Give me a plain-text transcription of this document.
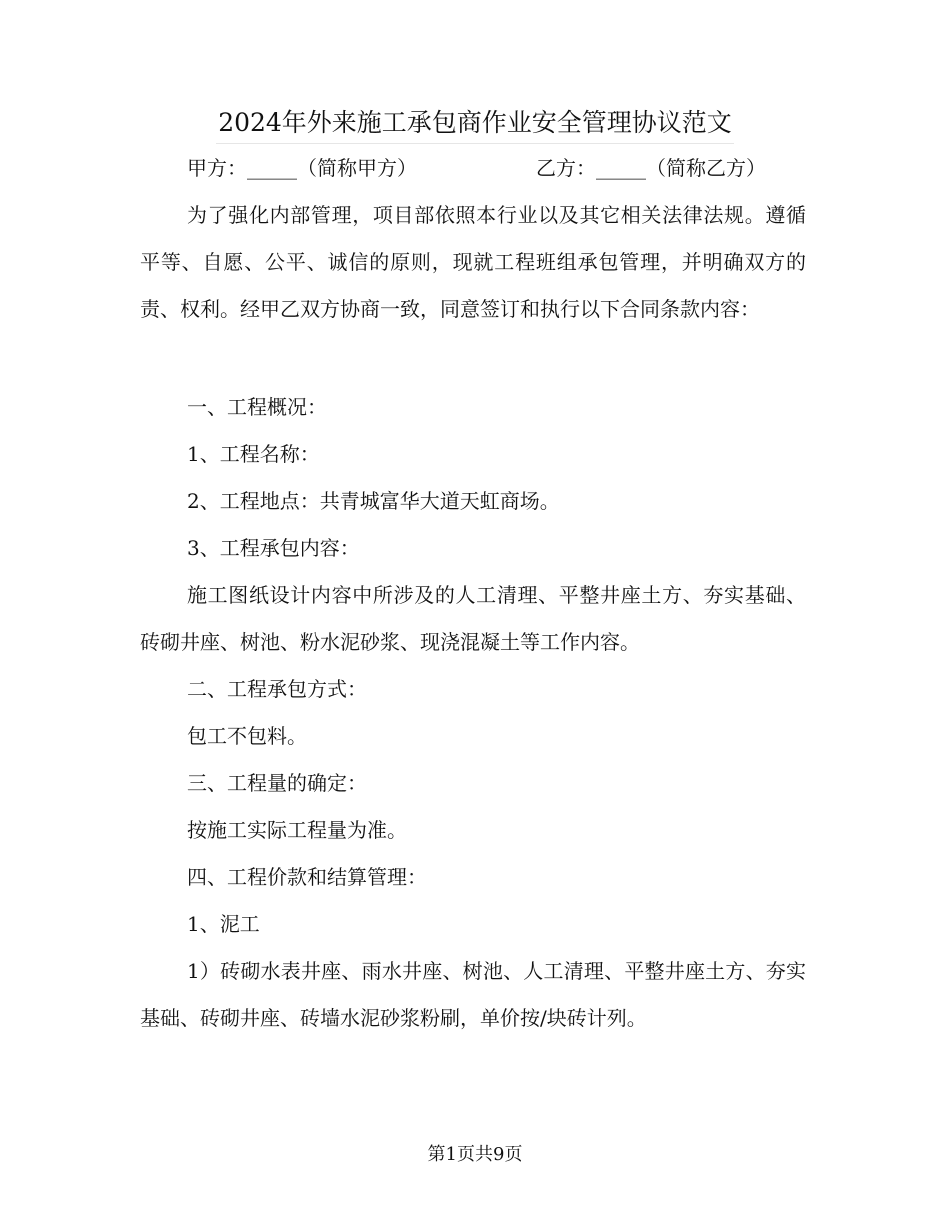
2024年外来施工承包商作业安全管理协议范文
甲方：_____（简称甲方）	乙方：_____（简称乙方）

为了强化内部管理，项目部依照本行业以及其它相关法律法规。遵循平等、自愿、公平、诚信的原则，现就工程班组承包管理，并明确双方的责、权利。经甲乙双方协商一致，同意签订和执行以下合同条款内容：

一、工程概况：

1、工程名称：

2、工程地点：共青城富华大道天虹商场。

3、工程承包内容：

施工图纸设计内容中所涉及的人工清理、平整井座土方、夯实基础、砖砌井座、树池、粉水泥砂浆、现浇混凝土等工作内容。

二、工程承包方式：

包工不包料。

三、工程量的确定：

按施工实际工程量为准。

四、工程价款和结算管理：

1、泥工

1）砖砌水表井座、雨水井座、树池、人工清理、平整井座土方、夯实基础、砖砌井座、砖墙水泥砂浆粉刷，单价按/块砖计列。

第1页共9页
